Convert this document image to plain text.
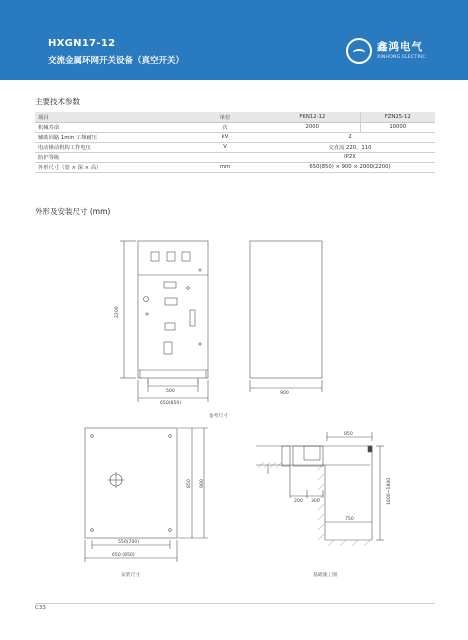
HXGN17-12
交流金属环网开关设备（真空开关）
鑫鸿电气
XINHONG ELECTRIC
主要技术参数
项目	单位	FKN12-12	FZN25-12
机械寿命	次	2000	10000
辅助回路 1min 工频耐压	kV	2	
电动操动机构工作电压	V	交直流 220、110	
防护等级		IP2X	
外形尺寸（宽 × 深 × 高）	mm	650(850) × 900 × 2000(2200)	
外形及安装尺寸 (mm)
2200
500
650(850)
900
850 900
550(700)
650 (850)
850
200 300
750
1600~1800
参考尺寸
安装尺寸	基础施工图
C33
